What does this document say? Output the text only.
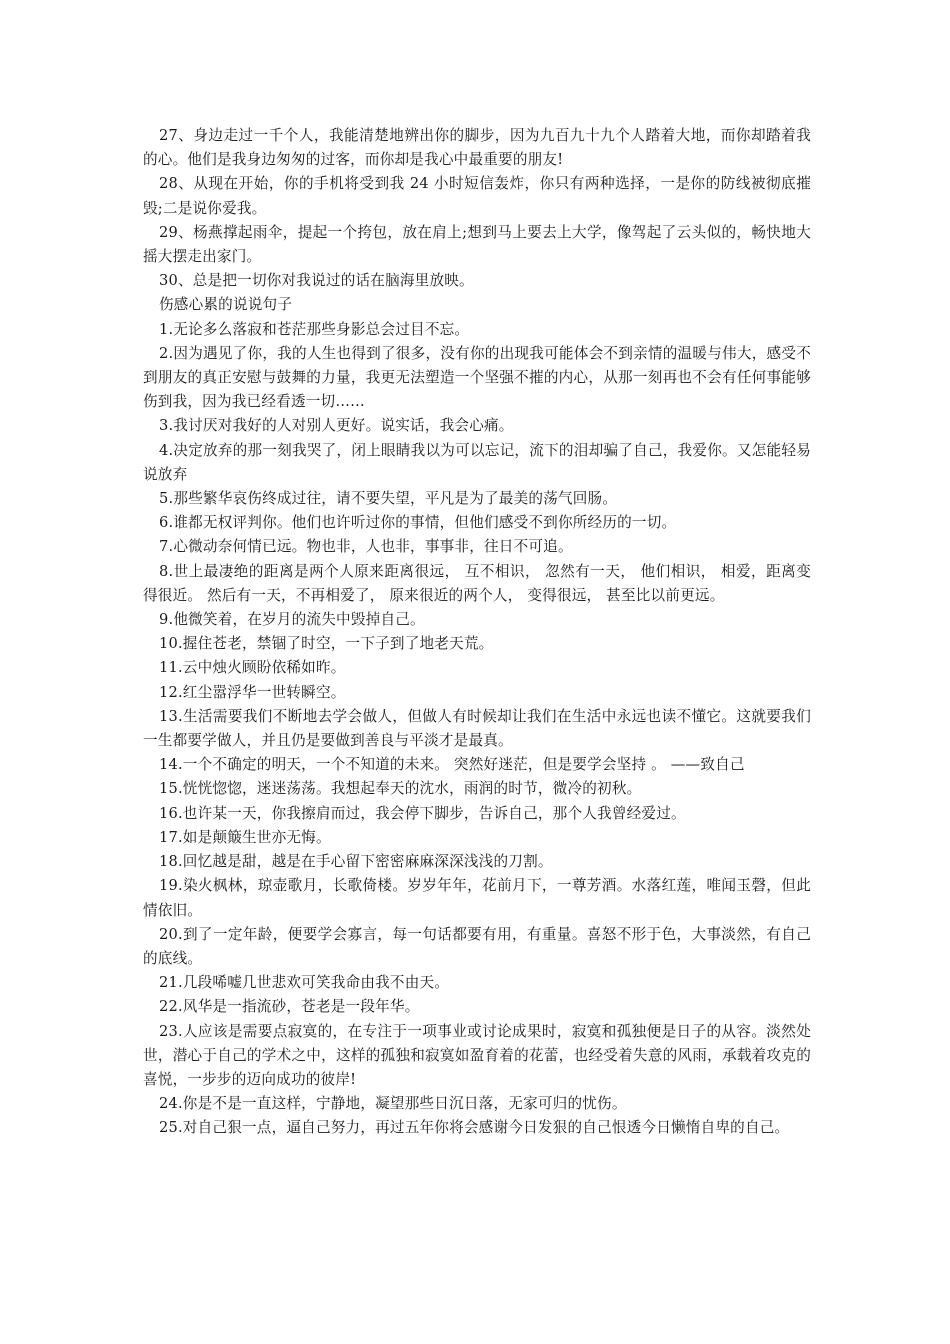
27、身边走过一千个人，我能清楚地辨出你的脚步，因为九百九十九个人踏着大地，而你却踏着我的心。他们是我身边匆匆的过客，而你却是我心中最重要的朋友!

28、从现在开始，你的手机将受到我 24 小时短信轰炸，你只有两种选择，一是你的防线被彻底摧毁;二是说你爱我。

29、杨燕撑起雨伞，提起一个挎包，放在肩上;想到马上要去上大学，像驾起了云头似的，畅快地大摇大摆走出家门。

30、总是把一切你对我说过的话在脑海里放映。

伤感心累的说说句子

1.无论多么落寂和苍茫那些身影总会过目不忘。

2.因为遇见了你，我的人生也得到了很多，没有你的出现我可能体会不到亲情的温暖与伟大，感受不到朋友的真正安慰与鼓舞的力量，我更无法塑造一个坚强不摧的内心，从那一刻再也不会有任何事能够伤到我，因为我已经看透一切……

3.我讨厌对我好的人对别人更好。说实话，我会心痛。

4.决定放弃的那一刻我哭了，闭上眼睛我以为可以忘记，流下的泪却骗了自己，我爱你。又怎能轻易说放弃

5.那些繁华哀伤终成过往，请不要失望，平凡是为了最美的荡气回肠。

6.谁都无权评判你。他们也许听过你的事情，但他们感受不到你所经历的一切。

7.心微动奈何情已远。物也非，人也非，事事非，往日不可追。

8.世上最凄绝的距离是两个人原来距离很远， 互不相识， 忽然有一天， 他们相识， 相爱，距离变得很近。 然后有一天，不再相爱了， 原来很近的两个人， 变得很远， 甚至比以前更远。

9.他微笑着，在岁月的流失中毁掉自己。

10.握住苍老，禁锢了时空，一下子到了地老天荒。

11.云中烛火顾盼依稀如昨。

12.红尘嚣浮华一世转瞬空。

13.生活需要我们不断地去学会做人，但做人有时候却让我们在生活中永远也读不懂它。这就要我们一生都要学做人，并且仍是要做到善良与平淡才是最真。

14.一个不确定的明天，一个不知道的未来。 突然好迷茫，但是要学会坚持 。 ——致自己

15.恍恍惚惚，迷迷荡荡。我想起奉天的沈水，雨润的时节，微冷的初秋。

16.也许某一天，你我擦肩而过，我会停下脚步，告诉自己，那个人我曾经爱过。

17.如是颠簸生世亦无悔。

18.回忆越是甜，越是在手心留下密密麻麻深深浅浅的刀割。

19.染火枫林，琼壶歌月，长歌倚楼。岁岁年年，花前月下，一尊芳酒。水落红莲，唯闻玉磬，但此情依旧。

20.到了一定年龄，便要学会寡言，每一句话都要有用，有重量。喜怒不形于色，大事淡然，有自己的底线。

21.几段唏嘘几世悲欢可笑我命由我不由天。

22.风华是一指流砂，苍老是一段年华。

23.人应该是需要点寂寞的，在专注于一项事业或讨论成果时，寂寞和孤独便是日子的从容。淡然处世，潜心于自己的学术之中，这样的孤独和寂寞如盈育着的花蕾，也经受着失意的风雨，承载着攻克的喜悦，一步步的迈向成功的彼岸!

24.你是不是一直这样，宁静地，凝望那些日沉日落，无家可归的忧伤。

25.对自己狠一点，逼自己努力，再过五年你将会感谢今日发狠的自己恨透今日懒惰自卑的自己。
